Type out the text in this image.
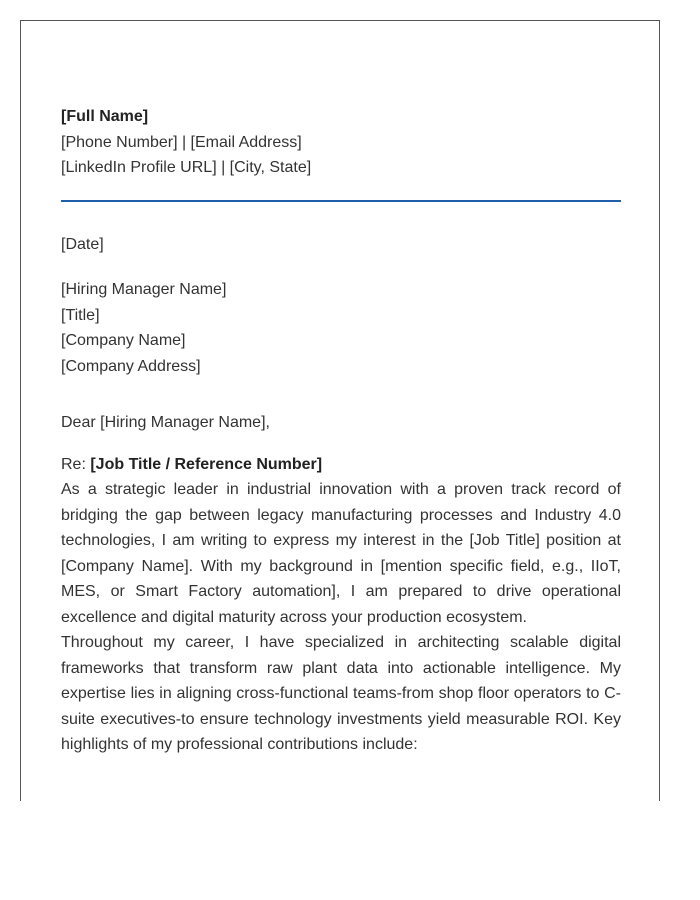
[Full Name]

[Phone Number] | [Email Address]

[LinkedIn Profile URL] | [City, State]

[Date]

[Hiring Manager Name]

[Title]

[Company Name]

[Company Address]

Dear [Hiring Manager Name],

Re: [Job Title / Reference Number]

As a strategic leader in industrial innovation with a proven track record of bridging the gap between legacy manufacturing processes and Industry 4.0 technologies, I am writing to express my interest in the [Job Title] position at [Company Name]. With my background in [mention specific field, e.g., IIoT, MES, or Smart Factory automation], I am prepared to drive operational excellence and digital maturity across your production ecosystem.

Throughout my career, I have specialized in architecting scalable digital frameworks that transform raw plant data into actionable intelligence. My expertise lies in aligning cross-functional teams-from shop floor operators to C-suite executives-to ensure technology investments yield measurable ROI. Key highlights of my professional contributions include:
